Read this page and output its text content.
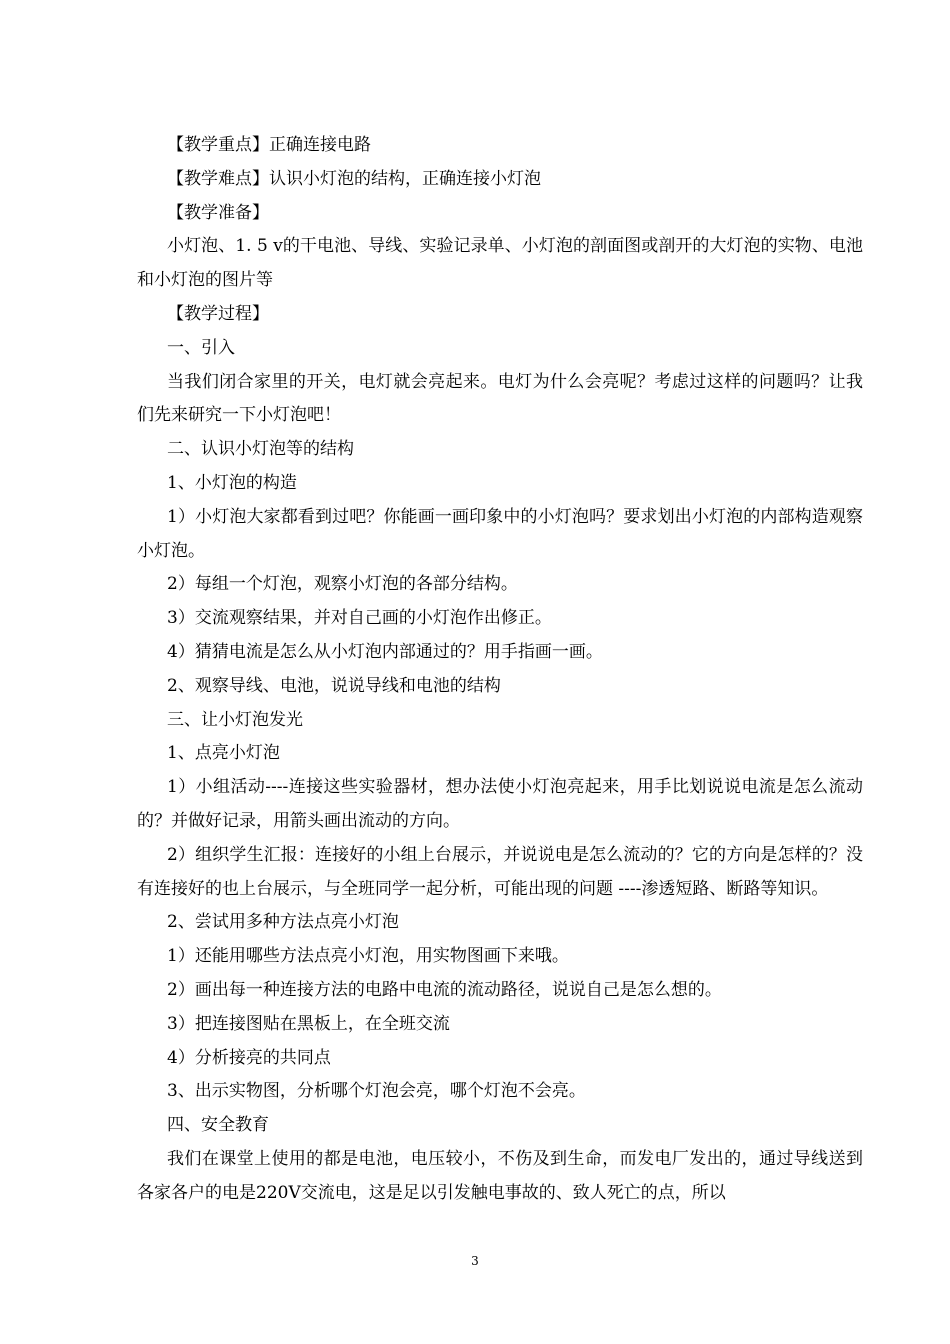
【教学重点】正确连接电路

【教学难点】认识小灯泡的结构，正确连接小灯泡

【教学准备】

小灯泡、1. 5 v的干电池、导线、实验记录单、小灯泡的剖面图或剖开的大灯泡的实物、电池和小灯泡的图片等

【教学过程】

一、引入

当我们闭合家里的开关，电灯就会亮起来。电灯为什么会亮呢？考虑过这样的问题吗？让我们先来研究一下小灯泡吧！

二、认识小灯泡等的结构

1、小灯泡的构造

1）小灯泡大家都看到过吧？你能画一画印象中的小灯泡吗？要求划出小灯泡的内部构造观察小灯泡。

2）每组一个灯泡，观察小灯泡的各部分结构。

3）交流观察结果，并对自己画的小灯泡作出修正。

4）猜猜电流是怎么从小灯泡内部通过的？用手指画一画。

2、观察导线、电池，说说导线和电池的结构

三、让小灯泡发光

1、点亮小灯泡

1）小组活动----连接这些实验器材，想办法使小灯泡亮起来，用手比划说说电流是怎么流动的？并做好记录，用箭头画出流动的方向。

2）组织学生汇报：连接好的小组上台展示，并说说电是怎么流动的？它的方向是怎样的？没有连接好的也上台展示，与全班同学一起分析，可能出现的问题 ----渗透短路、断路等知识。

2、尝试用多种方法点亮小灯泡

1）还能用哪些方法点亮小灯泡，用实物图画下来哦。

2）画出每一种连接方法的电路中电流的流动路径，说说自己是怎么想的。

3）把连接图贴在黑板上，在全班交流

4）分析接亮的共同点

3、出示实物图，分析哪个灯泡会亮，哪个灯泡不会亮。

四、安全教育

我们在课堂上使用的都是电池，电压较小，不伤及到生命，而发电厂发出的，通过导线送到各家各户的电是220V交流电，这是足以引发触电事故的、致人死亡的点，所以

3
